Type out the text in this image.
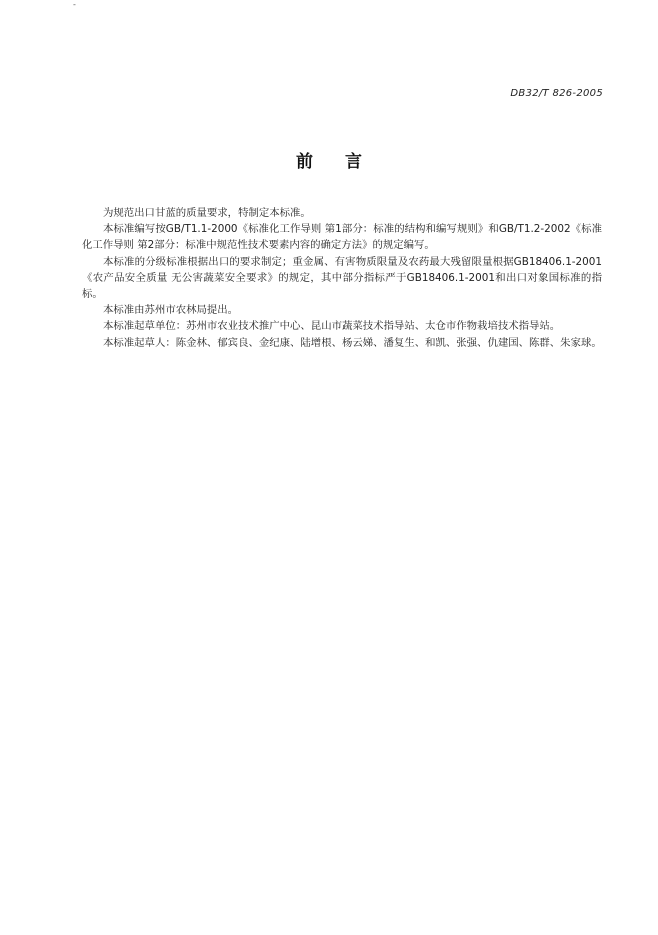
-
DB32/T 826-2005
前言

为规范出口甘蓝的质量要求，特制定本标准。

本标准编写按GB/T1.1-2000《标准化工作导则 第1部分：标准的结构和编写规则》和GB/T1.2-2002《标准化工作导则 第2部分：标准中规范性技术要素内容的确定方法》的规定编写。

本标准的分级标准根据出口的要求制定；重金属、有害物质限量及农药最大残留限量根据GB18406.1-2001《农产品安全质量 无公害蔬菜安全要求》的规定，其中部分指标严于GB18406.1-2001和出口对象国标准的指标。

本标准由苏州市农林局提出。

本标准起草单位：苏州市农业技术推广中心、昆山市蔬菜技术指导站、太仓市作物栽培技术指导站。

本标准起草人：陈金林、郁宾良、金纪康、陆增根、杨云娣、潘复生、和凯、张强、仇建国、陈群、朱家球。
